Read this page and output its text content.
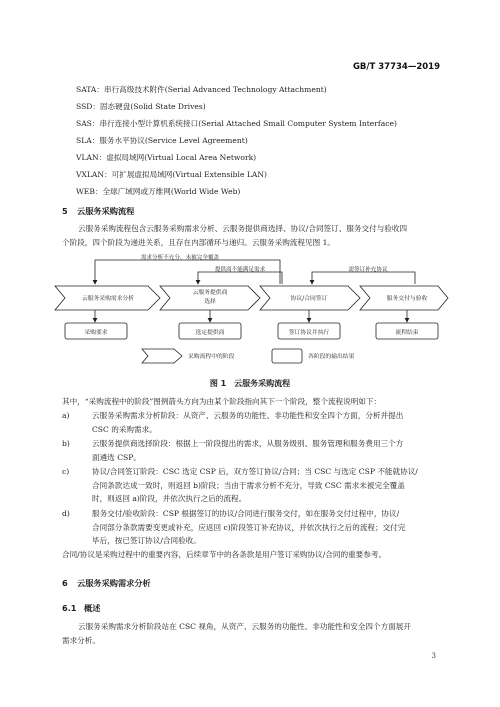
GB/T 37734—2019
SATA：串行高级技术附件(Serial Advanced Technology Attachment)
SSD：固态硬盘(Solid State Drives)
SAS：串行连接小型计算机系统接口(Serial Attached Small Computer System Interface)
SLA：服务水平协议(Service Level Agreement)
VLAN：虚拟局域网(Virtual Local Area Network)
VXLAN：可扩展虚拟局域网(Virtual Extensible LAN)
WEB：全球广域网或万维网(World Wide Web)
5 云服务采购流程
云服务采购流程包含云服务采购需求分析、云服务提供商选择、协议/合同签订、服务交付与验收四
个阶段，四个阶段为递进关系，且存在内部循环与递归。云服务采购流程见图 1。
需求分析不充分，未被完全覆盖
提供商不能满足需求	需签订补充协议
云服务采购需求分析
云服务提供商
选择	协议/合同签订	服务交付与验收
采购要求	选定提供商	签订协议并执行	流程结束
采购流程中的阶段	各阶段的输出结果
图 1　云服务采购流程
其中，“采购流程中的阶段”图例箭头方向为由某个阶段指向其下一个阶段，整个流程说明如下：
a)	云服务采购需求分析阶段：从资产、云服务的功能性、非功能性和安全四个方面，分析并提出
CSC 的采购需求。
b)	云服务提供商选择阶段：根据上一阶段提出的需求，从服务级别、服务管理和服务费用三个方
面遴选 CSP。
c)	协议/合同签订阶段：CSC 选定 CSP 后，双方签订协议/合同；当 CSC 与选定 CSP 不能就协议/
合同条款达成一致时，则返回 b)阶段；当由于需求分析不充分，导致 CSC 需求未被完全覆盖
时，则返回 a)阶段，并依次执行之后的流程。
d)	服务交付/验收阶段：CSP 根据签订的协议/合同进行服务交付，如在服务交付过程中，协议/
合同部分条款需要变更或补充，应返回 c)阶段签订补充协议，并依次执行之后的流程；交付完
毕后，按已签订协议/合同验收。
合同/协议是采购过程中的重要内容，后续章节中的各条款是用户签订采购协议/合同的重要参考。
6 云服务采购需求分析
6.1 概述
云服务采购需求分析阶段站在 CSC 视角，从资产、云服务的功能性、非功能性和安全四个方面展开
需求分析。
3
